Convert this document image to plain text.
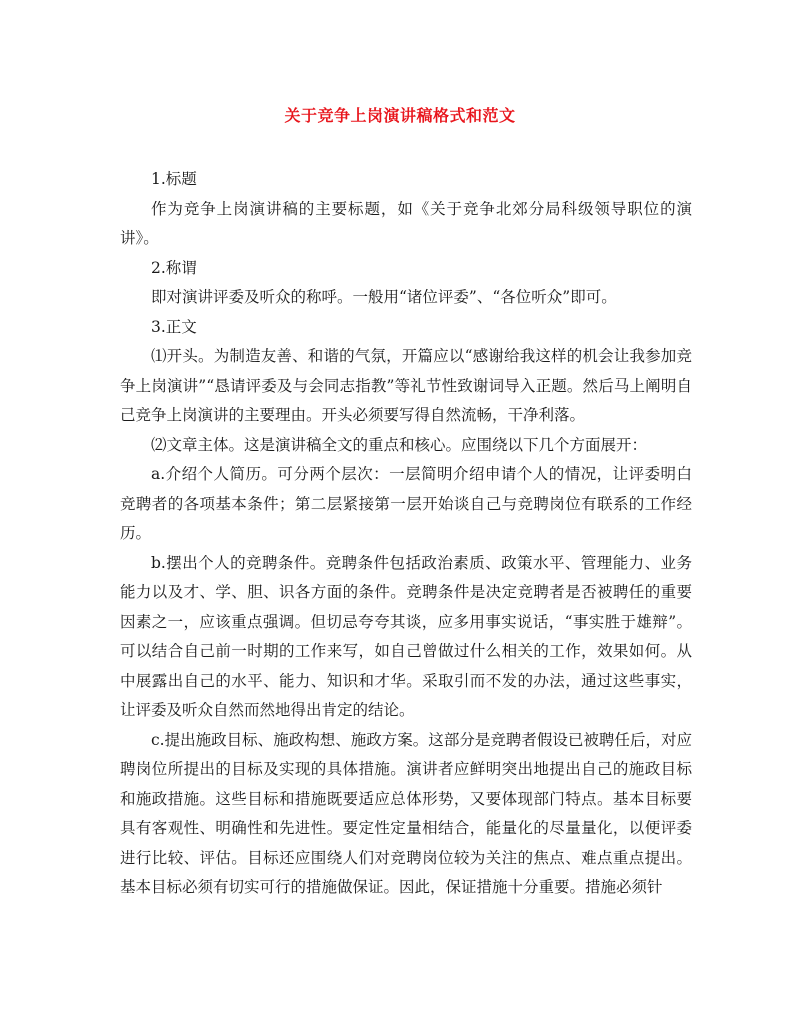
关于竞争上岗演讲稿格式和范文

1.标题

作为竞争上岗演讲稿的主要标题，如《关于竞争北郊分局科级领导职位的演讲》。

2.称谓

即对演讲评委及听众的称呼。一般用“诸位评委”、“各位听众”即可。

3.正文

⑴开头。为制造友善、和谐的气氛，开篇应以“感谢给我这样的机会让我参加竞争上岗演讲”“恳请评委及与会同志指教”等礼节性致谢词导入正题。然后马上阐明自己竞争上岗演讲的主要理由。开头必须要写得自然流畅，干净利落。

⑵文章主体。这是演讲稿全文的重点和核心。应围绕以下几个方面展开：

a.介绍个人简历。可分两个层次：一层简明介绍申请个人的情况，让评委明白竞聘者的各项基本条件；第二层紧接第一层开始谈自己与竞聘岗位有联系的工作经历。

b.摆出个人的竞聘条件。竞聘条件包括政治素质、政策水平、管理能力、业务能力以及才、学、胆、识各方面的条件。竞聘条件是决定竞聘者是否被聘任的重要因素之一，应该重点强调。但切忌夸夸其谈，应多用事实说话，“事实胜于雄辩”。可以结合自己前一时期的工作来写，如自己曾做过什么相关的工作，效果如何。从中展露出自己的水平、能力、知识和才华。采取引而不发的办法，通过这些事实，让评委及听众自然而然地得出肯定的结论。

c.提出施政目标、施政构想、施政方案。这部分是竞聘者假设已被聘任后，对应聘岗位所提出的目标及实现的具体措施。演讲者应鲜明突出地提出自己的施政目标和施政措施。这些目标和措施既要适应总体形势，又要体现部门特点。基本目标要具有客观性、明确性和先进性。要定性定量相结合，能量化的尽量量化，以便评委进行比较、评估。目标还应围绕人们对竞聘岗位较为关注的焦点、难点重点提出。基本目标必须有切实可行的措施做保证。因此，保证措施十分重要。措施必须针
